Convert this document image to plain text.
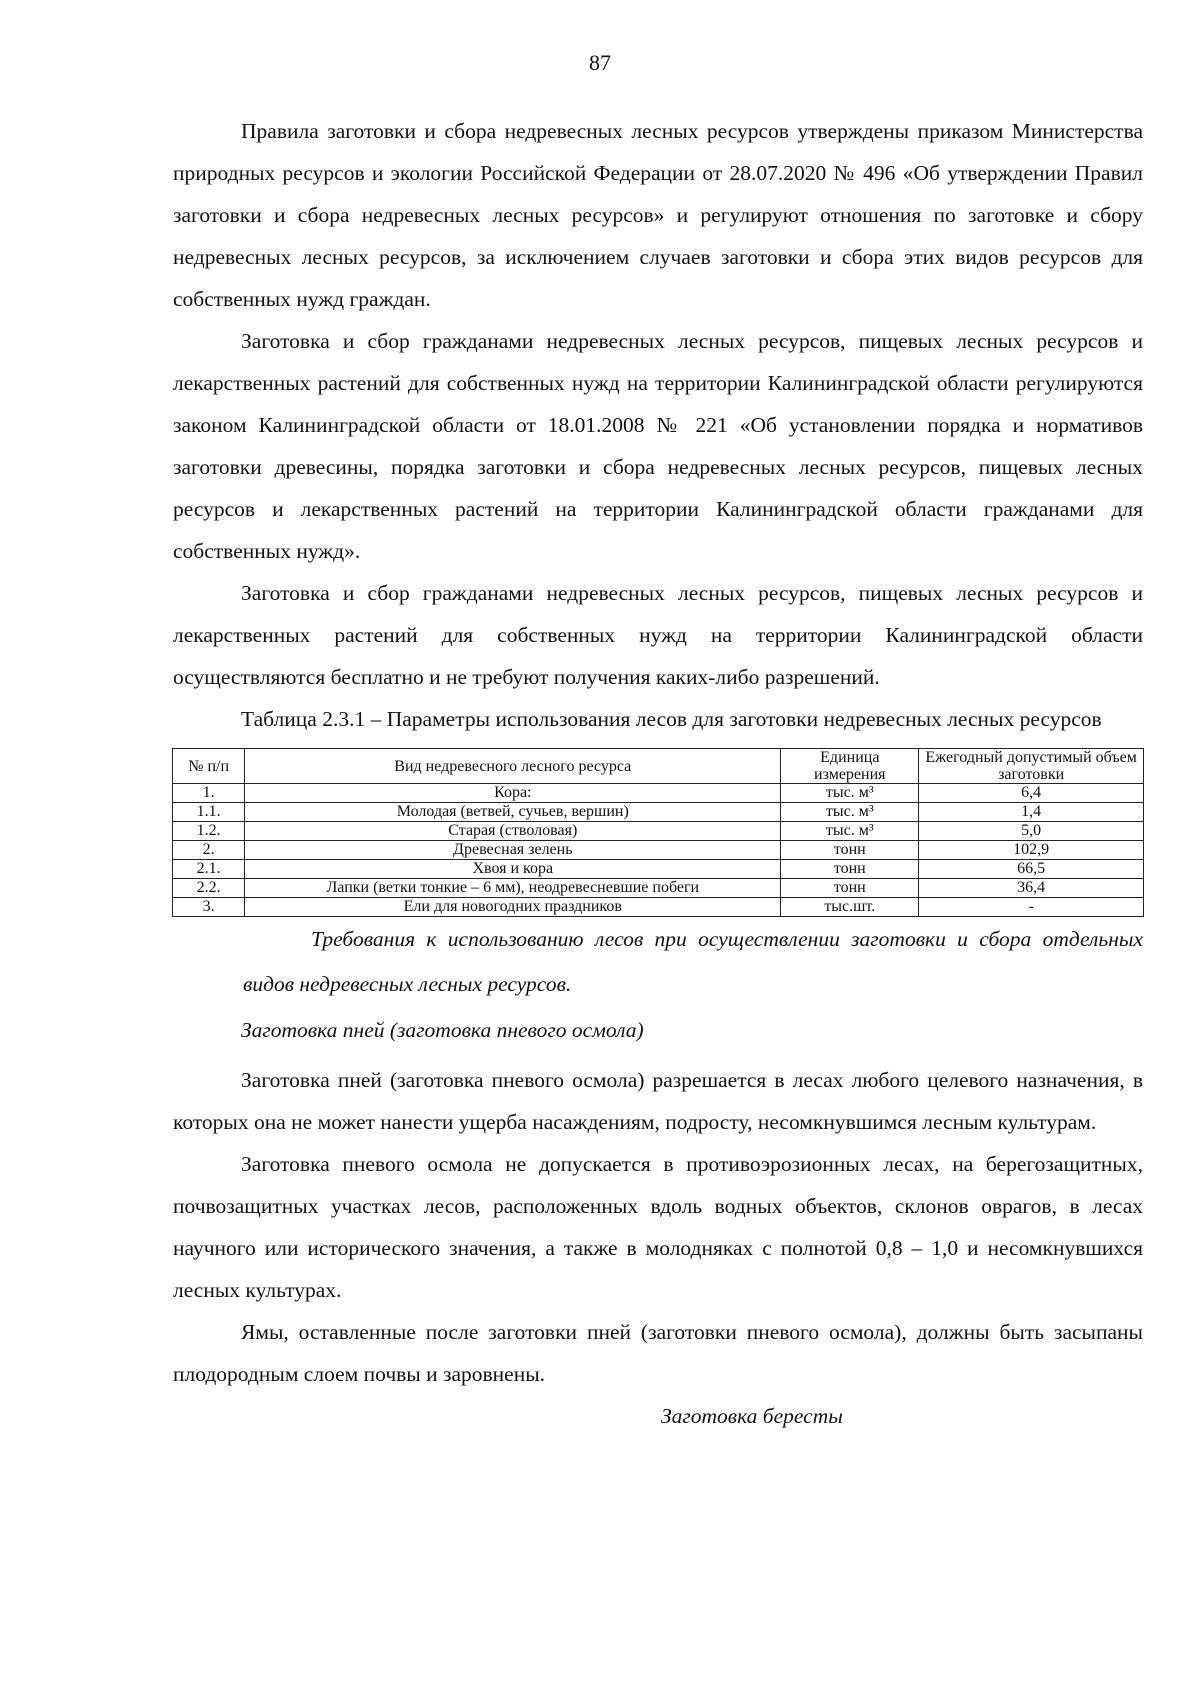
87

Правила заготовки и сбора недревесных лесных ресурсов утверждены приказом Министерства природных ресурсов и экологии Российской Федерации от 28.07.2020 № 496 «Об утверждении Правил заготовки и сбора недревесных лесных ресурсов» и регулируют отношения по заготовке и сбору недревесных лесных ресурсов, за исключением случаев заготовки и сбора этих видов ресурсов для собственных нужд граждан.

Заготовка и сбор гражданами недревесных лесных ресурсов, пищевых лесных ресурсов и лекарственных растений для собственных нужд на территории Калининградской области регулируются законом Калининградской области от 18.01.2008 № 221 «Об установлении порядка и нормативов заготовки древесины, порядка заготовки и сбора недревесных лесных ресурсов, пищевых лесных ресурсов и лекарственных растений на территории Калининградской области гражданами для собственных нужд».

Заготовка и сбор гражданами недревесных лесных ресурсов, пищевых лесных ресурсов и лекарственных растений для собственных нужд на территории Калининградской области осуществляются бесплатно и не требуют получения каких-либо разрешений.

Таблица 2.3.1 – Параметры использования лесов для заготовки недревесных лесных ресурсов

№ п/п	Вид недревесного лесного ресурса	Единица измерения	Ежегодный допустимый объем заготовки
1.	Кора:	тыс. м³	6,4
1.1.	Молодая (ветвей, сучьев, вершин)	тыс. м³	1,4
1.2.	Старая (стволовая)	тыс. м³	5,0
2.	Древесная зелень	тонн	102,9
2.1.	Хвоя и кора	тонн	66,5
2.2.	Лапки (ветки тонкие – 6 мм), неодревесневшие побеги	тонн	36,4
3.	Ели для новогодних праздников	тыс.шт.	-

Требования к использованию лесов при осуществлении заготовки и сбора отдельных видов недревесных лесных ресурсов.

Заготовка пней (заготовка пневого осмола)

Заготовка пней (заготовка пневого осмола) разрешается в лесах любого целевого назначения, в которых она не может нанести ущерба насаждениям, подросту, несомкнувшимся лесным культурам.

Заготовка пневого осмола не допускается в противоэрозионных лесах, на берегозащитных, почвозащитных участках лесов, расположенных вдоль водных объектов, склонов оврагов, в лесах научного или исторического значения, а также в молодняках с полнотой 0,8 – 1,0 и несомкнувшихся лесных культурах.

Ямы, оставленные после заготовки пней (заготовки пневого осмола), должны быть засыпаны плодородным слоем почвы и заровнены.

Заготовка бересты
